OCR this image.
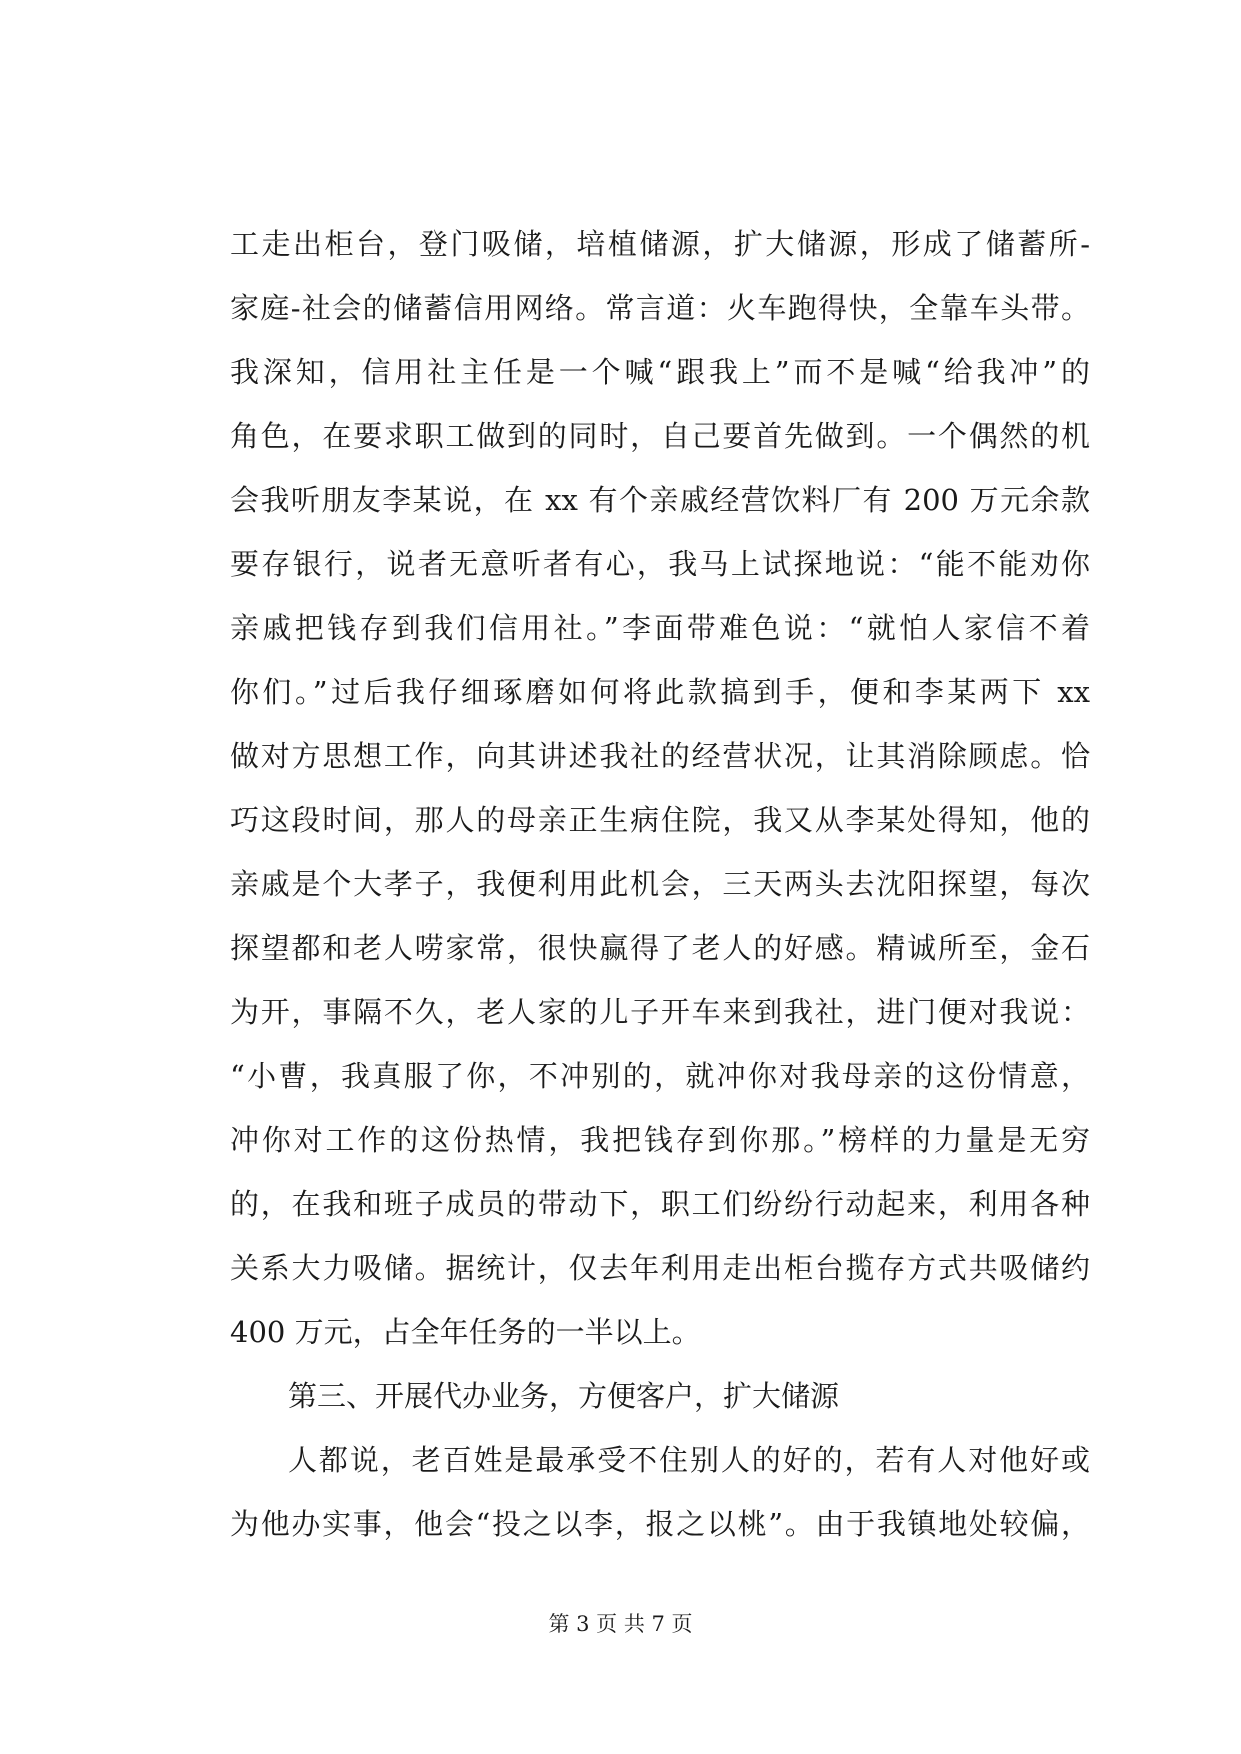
工走出柜台，登门吸储，培植储源，扩大储源，形成了储蓄所-
家庭-社会的储蓄信用网络。常言道：火车跑得快，全靠车头带。
我深知，信用社主任是一个喊“跟我上”而不是喊“给我冲”的
角色，在要求职工做到的同时，自己要首先做到。一个偶然的机
会我听朋友李某说，在 xx 有个亲戚经营饮料厂有 200 万元余款
要存银行，说者无意听者有心，我马上试探地说：“能不能劝你
亲戚把钱存到我们信用社。”李面带难色说：“就怕人家信不着
你们。”过后我仔细琢磨如何将此款搞到手，便和李某两下 xx
做对方思想工作，向其讲述我社的经营状况，让其消除顾虑。恰
巧这段时间，那人的母亲正生病住院，我又从李某处得知，他的
亲戚是个大孝子，我便利用此机会，三天两头去沈阳探望，每次
探望都和老人唠家常，很快赢得了老人的好感。精诚所至，金石
为开，事隔不久，老人家的儿子开车来到我社，进门便对我说：
“小曹，我真服了你，不冲别的，就冲你对我母亲的这份情意，
冲你对工作的这份热情，我把钱存到你那。”榜样的力量是无穷
的，在我和班子成员的带动下，职工们纷纷行动起来，利用各种
关系大力吸储。据统计，仅去年利用走出柜台揽存方式共吸储约
400 万元，占全年任务的一半以上。
第三、开展代办业务，方便客户，扩大储源
人都说，老百姓是最承受不住别人的好的，若有人对他好或
为他办实事，他会“投之以李，报之以桃”。由于我镇地处较偏，
第 3 页 共 7 页
